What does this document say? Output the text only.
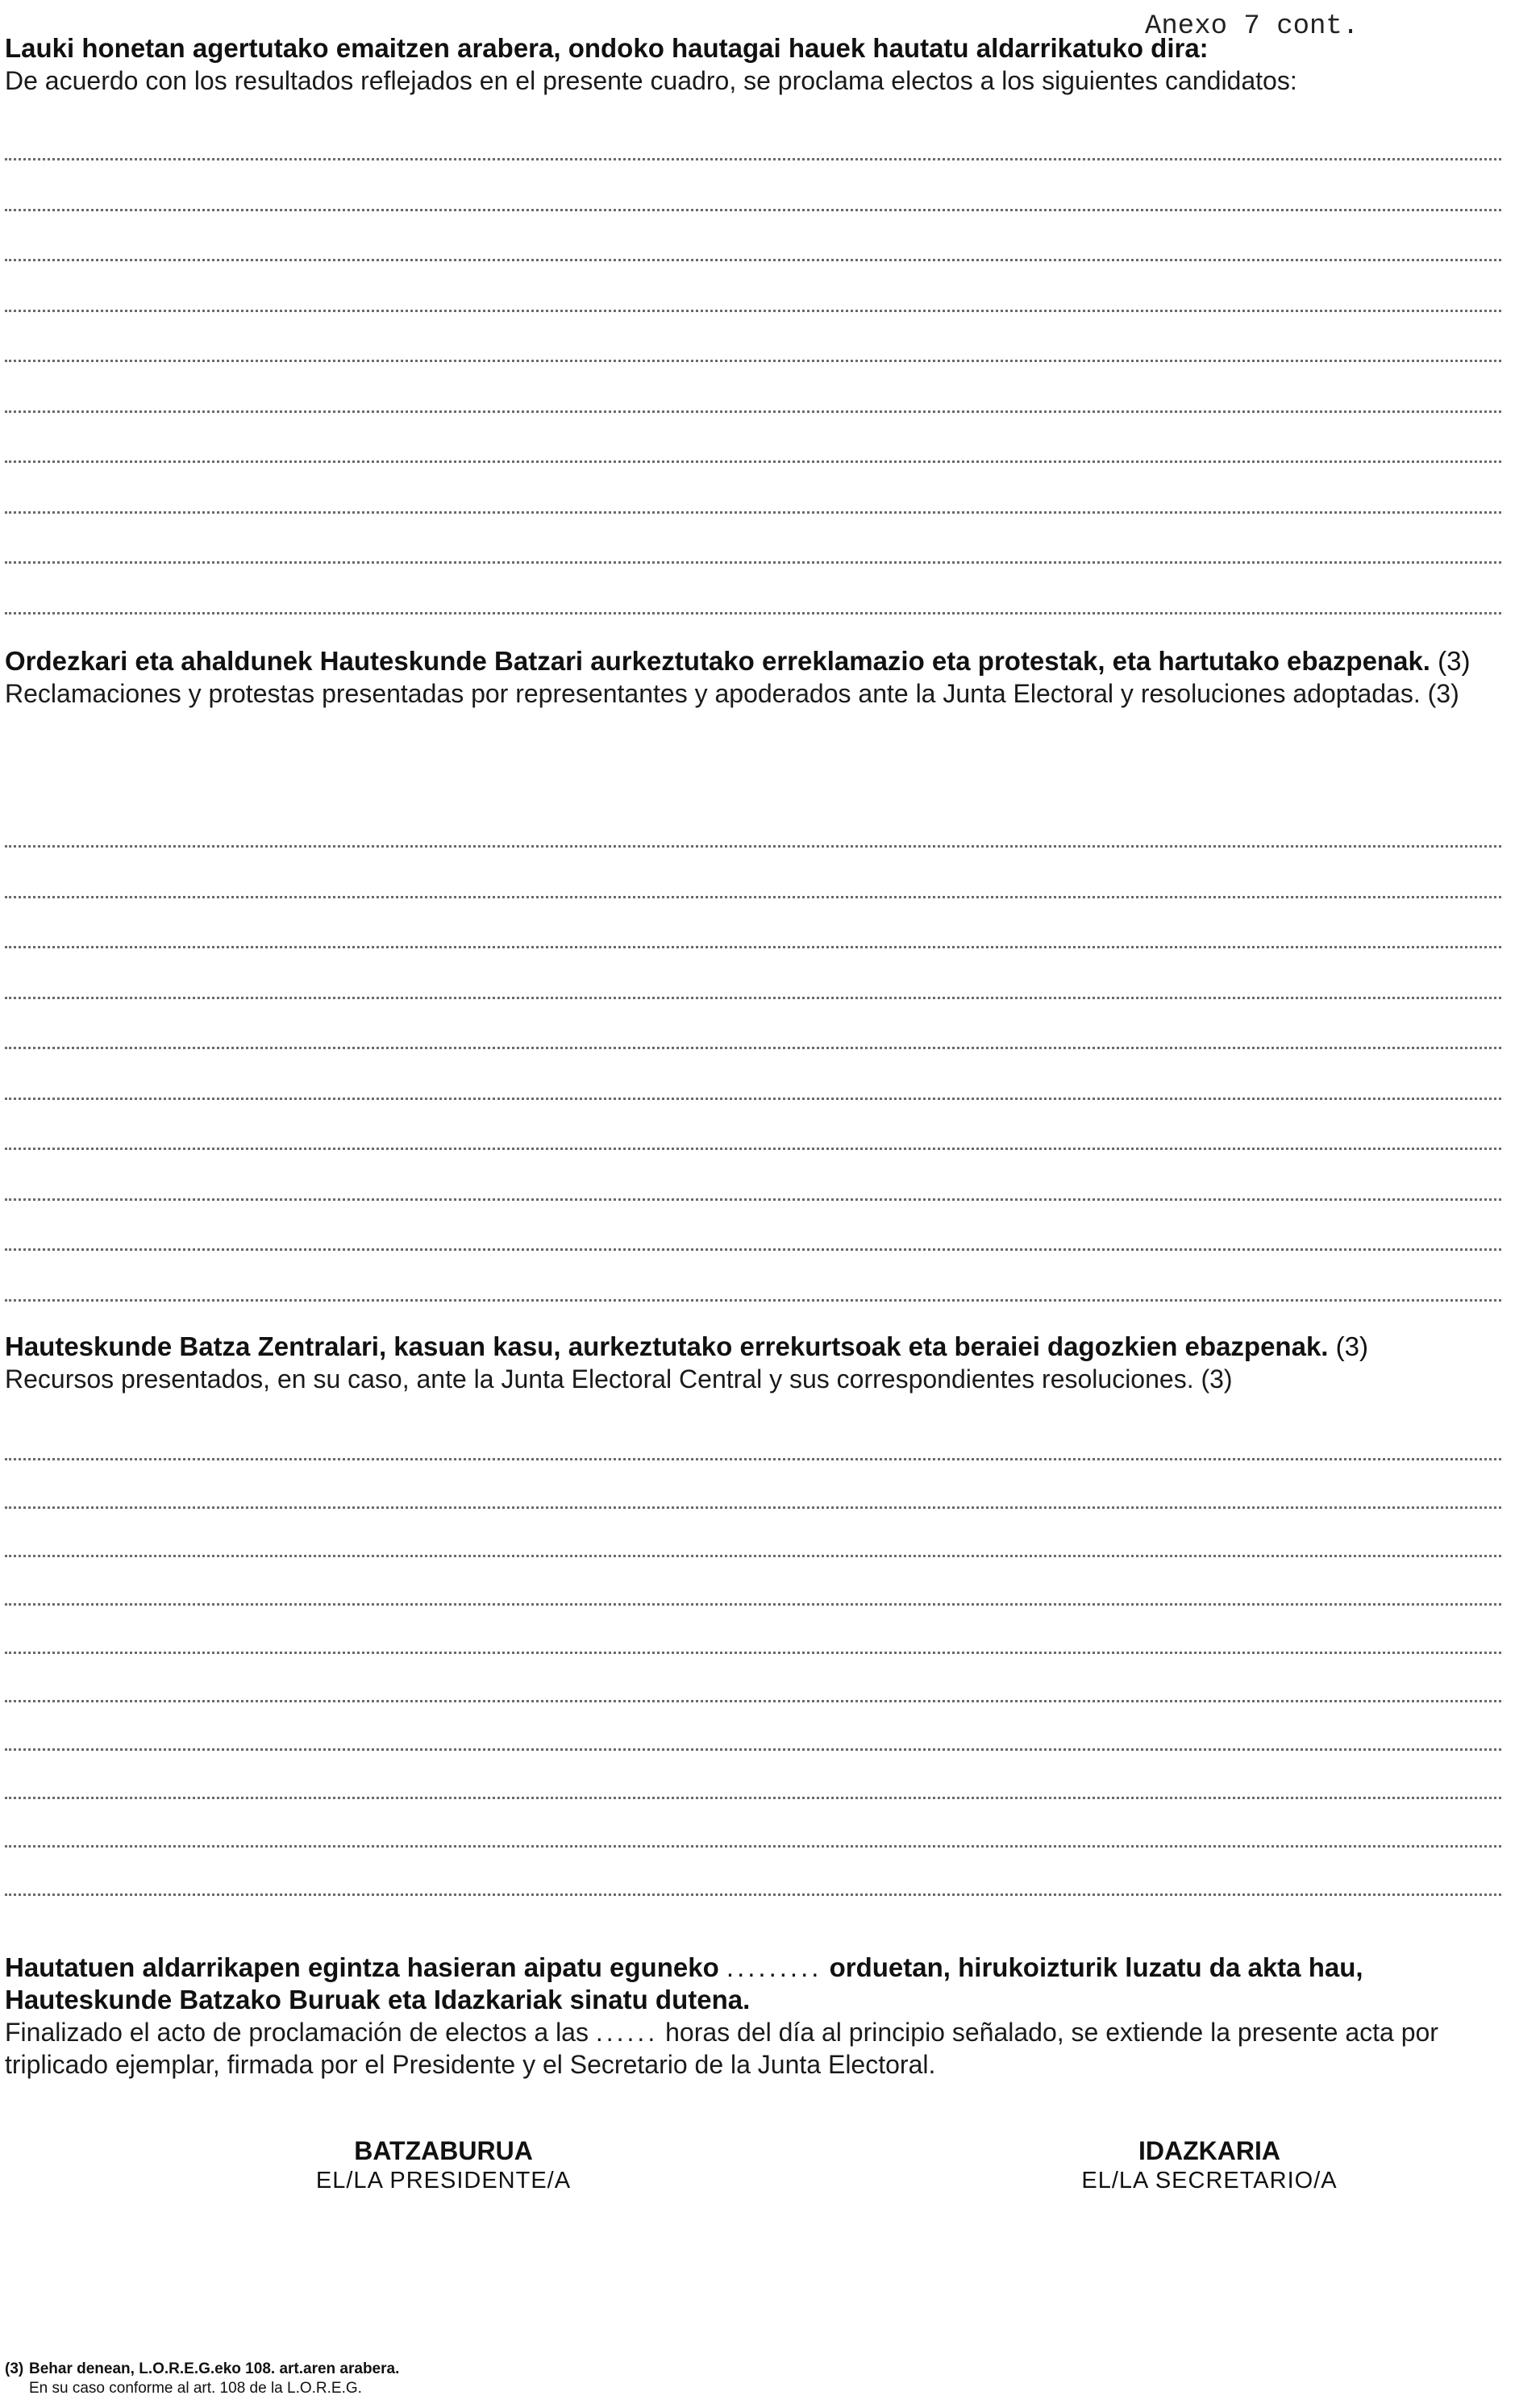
Anexo 7 cont.
Lauki honetan agertutako emaitzen arabera, ondoko hautagai hauek hautatu aldarrikatuko dira:
De acuerdo con los resultados reflejados en el presente cuadro, se proclama electos a los siguientes candidatos:
Ordezkari eta ahaldunek Hauteskunde Batzari aurkeztutako erreklamazio eta protestak, eta hartutako ebazpenak. (3)
Reclamaciones y protestas presentadas por representantes y apoderados ante la Junta Electoral y resoluciones adoptadas. (3)
Hauteskunde Batza Zentralari, kasuan kasu, aurkeztutako errekurtsoak eta beraiei dagozkien ebazpenak. (3)
Recursos presentados, en su caso, ante la Junta Electoral Central y sus correspondientes resoluciones. (3)
Hautatuen aldarrikapen egintza hasieran aipatu eguneko ......... orduetan, hirukoizturik luzatu da akta hau, Hauteskunde Batzako Buruak eta Idazkariak sinatu dutena.
Finalizado el acto de proclamación de electos a las ...... horas del día al principio señalado, se extiende la presente acta por triplicado ejemplar, firmada por el Presidente y el Secretario de la Junta Electoral.
BATZABURUA
EL/LA PRESIDENTE/A
IDAZKARIA
EL/LA SECRETARIO/A
(3) Behar denean, L.O.R.E.G.eko 108. art.aren arabera.
En su caso conforme al art. 108 de la L.O.R.E.G.
